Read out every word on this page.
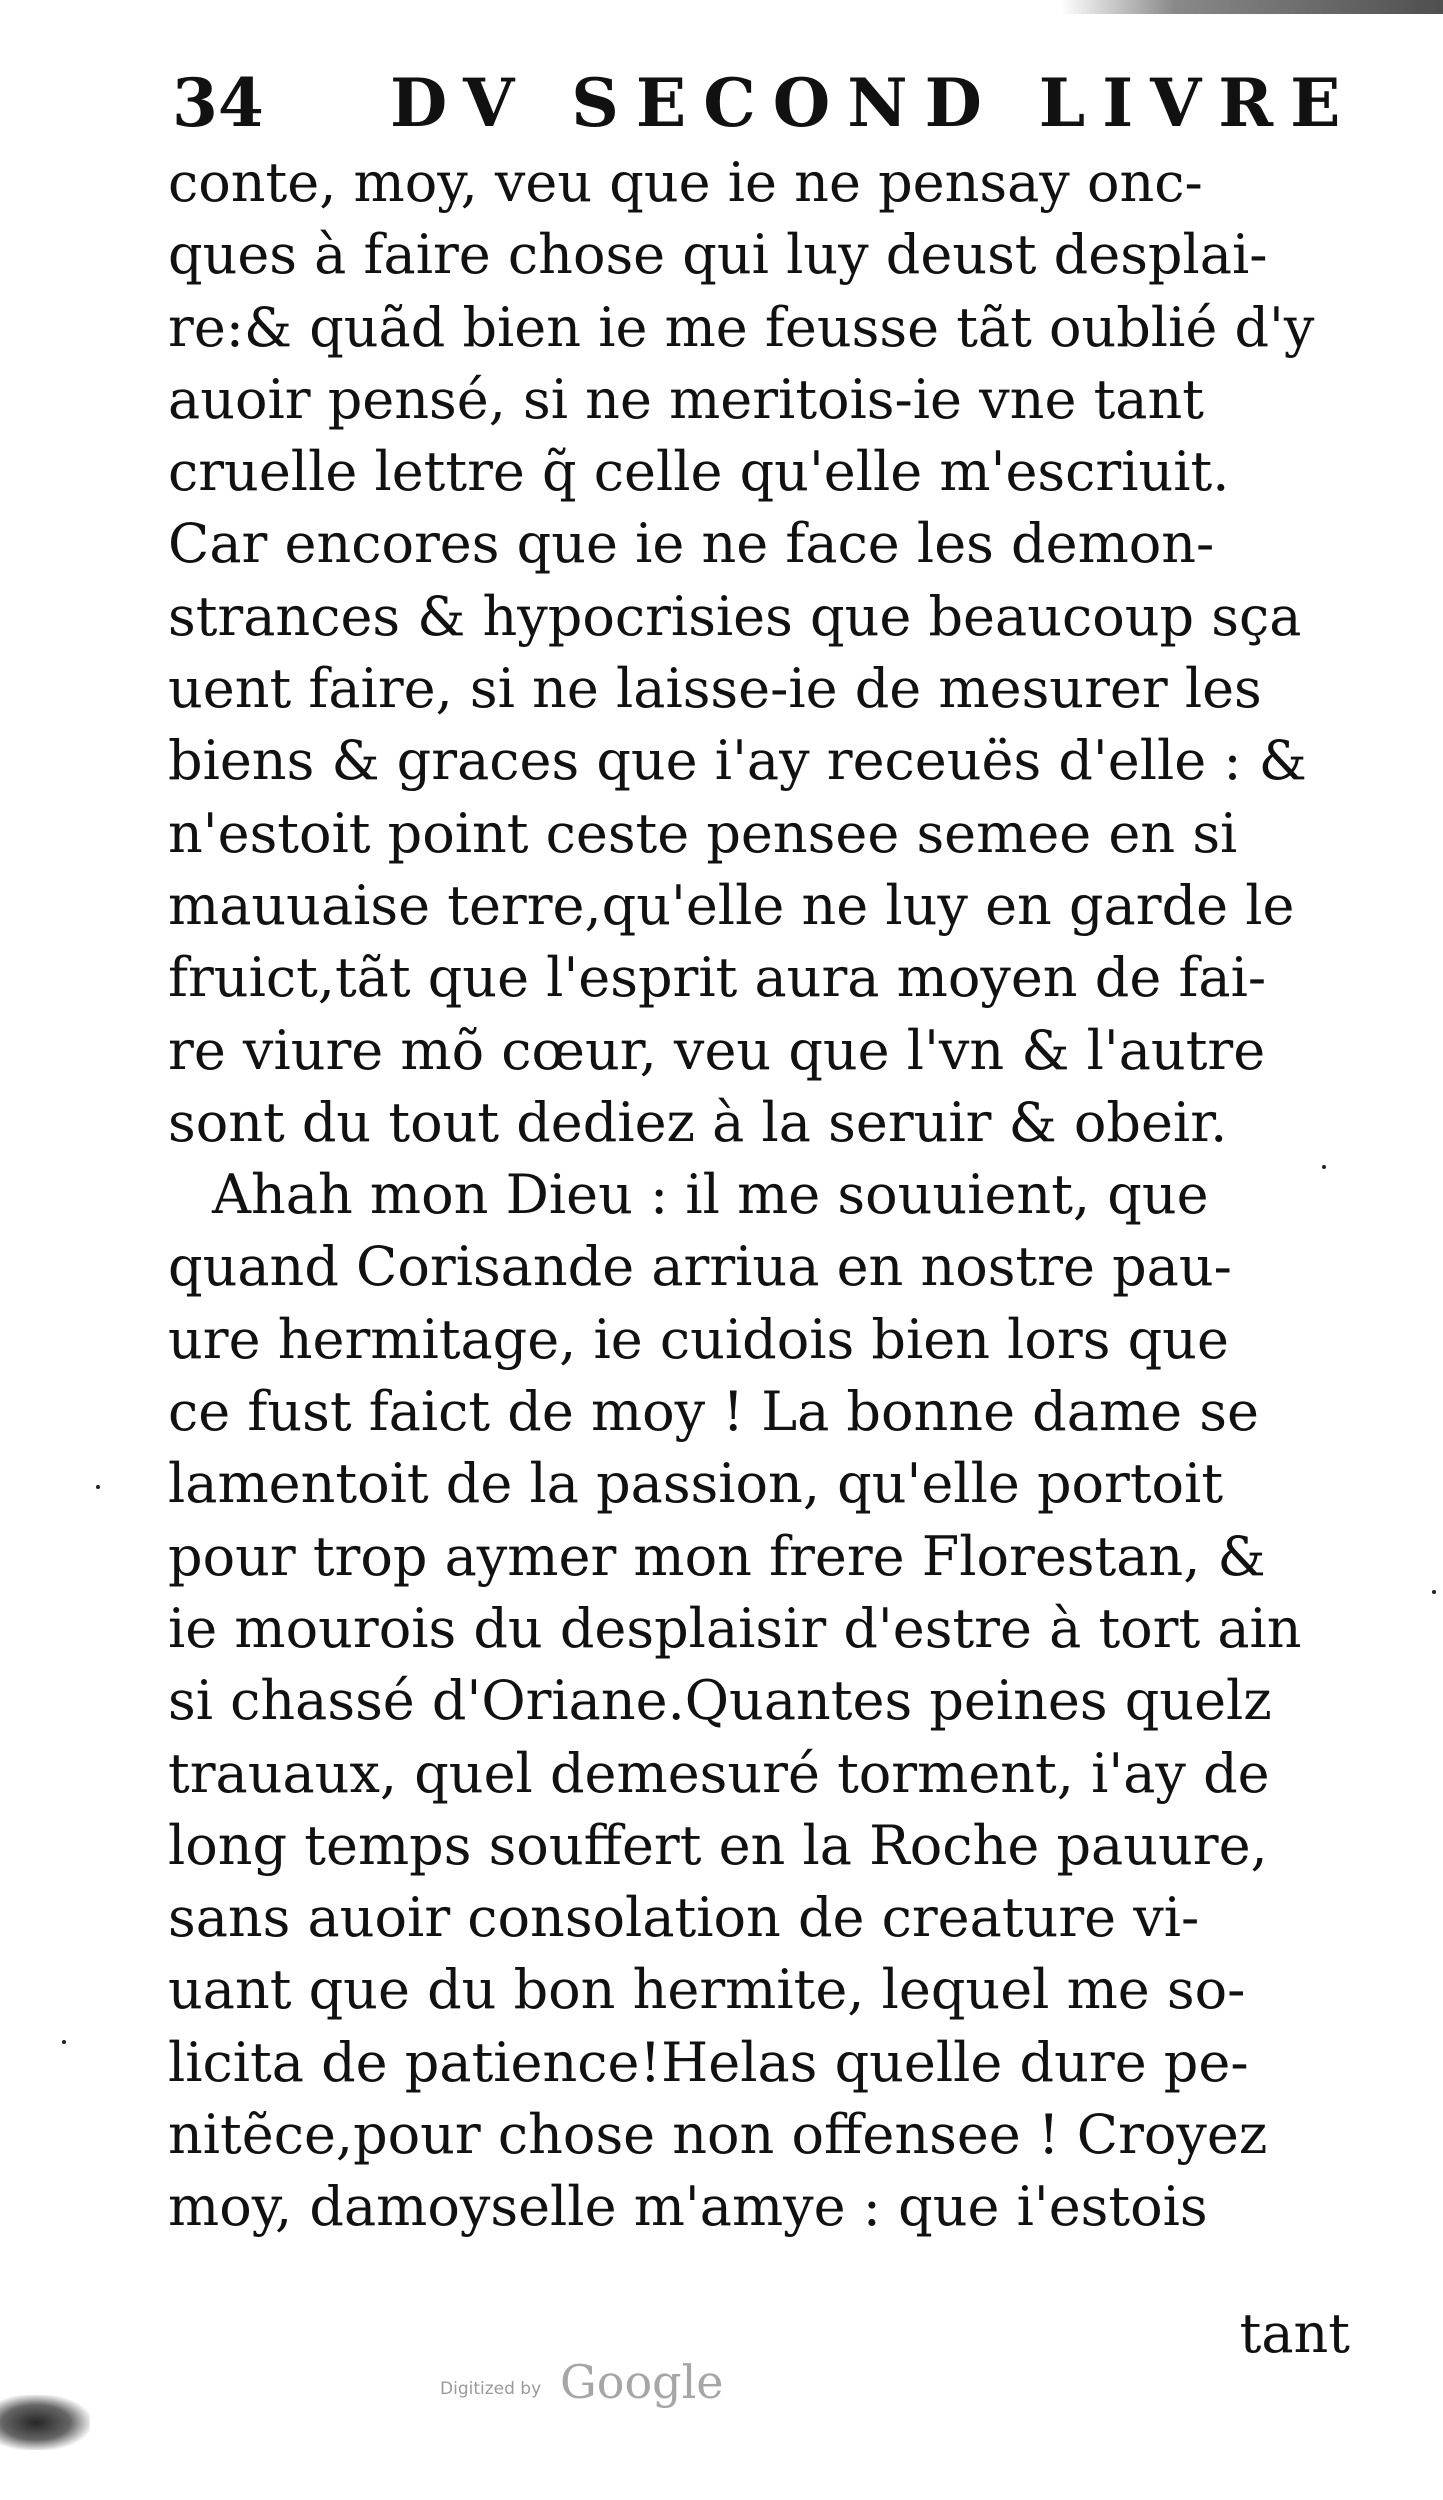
34 DV SECOND LIVRE
conte, moy, veu que ie ne pensay onc-
ques à faire chose qui luy deust desplai-
re:& quãd bien ie me feusse tãt oublié d'y
auoir pensé, si ne meritois-ie vne tant
cruelle lettre q̃ celle qu'elle m'escriuit.
Car encores que ie ne face les demon-
strances & hypocrisies que beaucoup sça
uent faire, si ne laisse-ie de mesurer les
biens & graces que i'ay receuës d'elle : &
n'estoit point ceste pensee semee en si
mauuaise terre,qu'elle ne luy en garde le
fruict,tãt que l'esprit aura moyen de fai-
re viure mõ cœur, veu que l'vn & l'autre
sont du tout dediez à la seruir & obeir.
Ahah mon Dieu : il me souuient, que
quand Corisande arriua en nostre pau-
ure hermitage, ie cuidois bien lors que
ce fust faict de moy ! La bonne dame se
lamentoit de la passion, qu'elle portoit
pour trop aymer mon frere Florestan, &
ie mourois du desplaisir d'estre à tort ain
si chassé d'Oriane.Quantes peines quelz
trauaux, quel demesuré torment, i'ay de
long temps souffert en la Roche pauure,
sans auoir consolation de creature vi-
uant que du bon hermite, lequel me so-
licita de patience!Helas quelle dure pe-
nitẽce,pour chose non offensee ! Croyez
moy, damoyselle m'amye : que i'estois
tant
Digitized by Google
